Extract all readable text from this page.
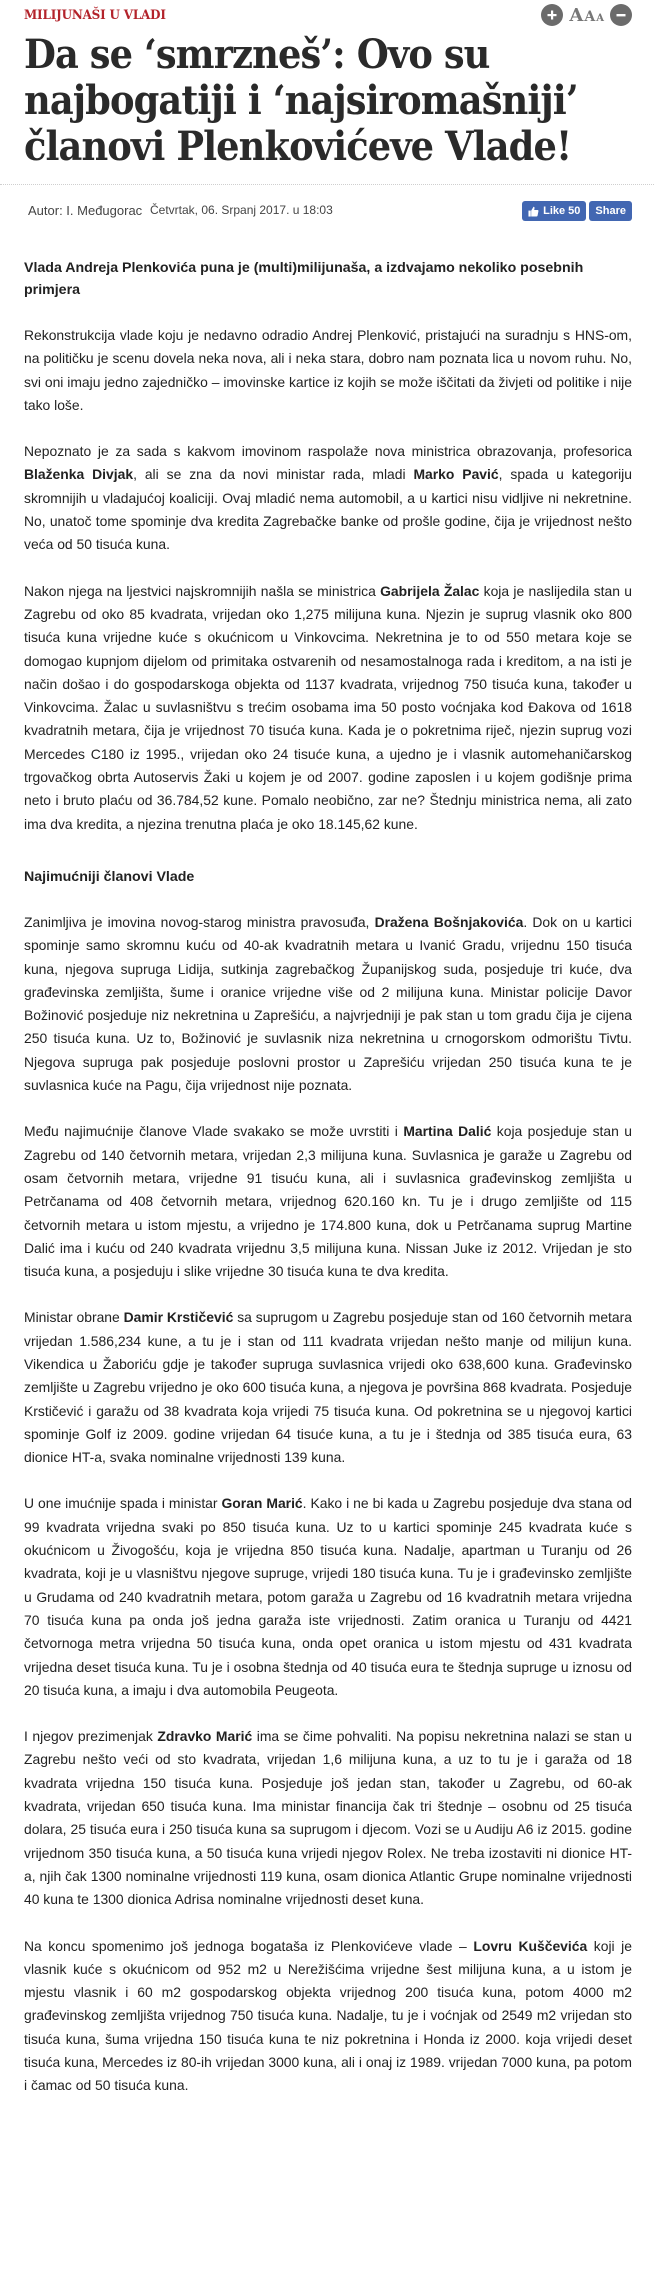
MILIJUNAŠI U VLADI	A A A
Da se ‘smrzneš’: Ovo su najbogatiji i ‘najsiromašniji’ članovi Plenkovićeve Vlade!
Autor: I. Međugorac Četvrtak, 06. Srpanj 2017. u 18:03	Like 50	Share
Vlada Andreja Plenkovića puna je (multi)milijunaša, a izdvajamo nekoliko posebnih primjera

Rekonstrukcija vlade koju je nedavno odradio Andrej Plenković, pristajući na suradnju s HNS-om, na političku je scenu dovela neka nova, ali i neka stara, dobro nam poznata lica u novom ruhu. No, svi oni imaju jedno zajedničko – imovinske kartice iz kojih se može iščitati da živjeti od politike i nije tako loše.

Nepoznato je za sada s kakvom imovinom raspolaže nova ministrica obrazovanja, profesorica Blaženka Divjak, ali se zna da novi ministar rada, mladi Marko Pavić, spada u kategoriju skromnijih u vladajućoj koaliciji. Ovaj mladić nema automobil, a u kartici nisu vidljive ni nekretnine. No, unatoč tome spominje dva kredita Zagrebačke banke od prošle godine, čija je vrijednost nešto veća od 50 tisuća kuna.

Nakon njega na ljestvici najskromnijih našla se ministrica Gabrijela Žalac koja je naslijedila stan u Zagrebu od oko 85 kvadrata, vrijedan oko 1,275 milijuna kuna. Njezin je suprug vlasnik oko 800 tisuća kuna vrijedne kuće s okućnicom u Vinkovcima. Nekretnina je to od 550 metara koje se domogao kupnjom dijelom od primitaka ostvarenih od nesamostalnoga rada i kreditom, a na isti je način došao i do gospodarskoga objekta od 1137 kvadrata, vrijednog 750 tisuća kuna, također u Vinkovcima. Žalac u suvlasništvu s trećim osobama ima 50 posto voćnjaka kod Đakova od 1618 kvadratnih metara, čija je vrijednost 70 tisuća kuna. Kada je o pokretnima riječ, njezin suprug vozi Mercedes C180 iz 1995., vrijedan oko 24 tisuće kuna, a ujedno je i vlasnik automehaničarskog trgovačkog obrta Autoservis Žaki u kojem je od 2007. godine zaposlen i u kojem godišnje prima neto i bruto plaću od 36.784,52 kune. Pomalo neobično, zar ne? Štednju ministrica nema, ali zato ima dva kredita, a njezina trenutna plaća je oko 18.145,62 kune.

Najimućniji članovi Vlade

Zanimljiva je imovina novog-starog ministra pravosuđa, Dražena Bošnjakovića. Dok on u kartici spominje samo skromnu kuću od 40-ak kvadratnih metara u Ivanić Gradu, vrijednu 150 tisuća kuna, njegova supruga Lidija, sutkinja zagrebačkog Županijskog suda, posjeduje tri kuće, dva građevinska zemljišta, šume i oranice vrijedne više od 2 milijuna kuna. Ministar policije Davor Božinović posjeduje niz nekretnina u Zaprešiću, a najvrjedniji je pak stan u tom gradu čija je cijena 250 tisuća kuna. Uz to, Božinović je suvlasnik niza nekretnina u crnogorskom odmorištu Tivtu. Njegova supruga pak posjeduje poslovni prostor u Zaprešiću vrijedan 250 tisuća kuna te je suvlasnica kuće na Pagu, čija vrijednost nije poznata.

Među najimućnije članove Vlade svakako se može uvrstiti i Martina Dalić koja posjeduje stan u Zagrebu od 140 četvornih metara, vrijedan 2,3 milijuna kuna. Suvlasnica je garaže u Zagrebu od osam četvornih metara, vrijedne 91 tisuću kuna, ali i suvlasnica građevinskog zemljišta u Petrčanama od 408 četvornih metara, vrijednog 620.160 kn. Tu je i drugo zemljište od 115 četvornih metara u istom mjestu, a vrijedno je 174.800 kuna, dok u Petrčanama suprug Martine Dalić ima i kuću od 240 kvadrata vrijednu 3,5 milijuna kuna. Nissan Juke iz 2012. Vrijedan je sto tisuća kuna, a posjeduju i slike vrijedne 30 tisuća kuna te dva kredita.

Ministar obrane Damir Krstičević sa suprugom u Zagrebu posjeduje stan od 160 četvornih metara vrijedan 1.586,234 kune, a tu je i stan od 111 kvadrata vrijedan nešto manje od milijun kuna. Vikendica u Žaboriću gdje je također supruga suvlasnica vrijedi oko 638,600 kuna. Građevinsko zemljište u Zagrebu vrijedno je oko 600 tisuća kuna, a njegova je površina 868 kvadrata. Posjeduje Krstičević i garažu od 38 kvadrata koja vrijedi 75 tisuća kuna. Od pokretnina se u njegovoj kartici spominje Golf iz 2009. godine vrijedan 64 tisuće kuna, a tu je i štednja od 385 tisuća eura, 63 dionice HT-a, svaka nominalne vrijednosti 139 kuna.

U one imućnije spada i ministar Goran Marić. Kako i ne bi kada u Zagrebu posjeduje dva stana od 99 kvadrata vrijedna svaki po 850 tisuća kuna. Uz to u kartici spominje 245 kvadrata kuće s okućnicom u Živogošću, koja je vrijedna 850 tisuća kuna. Nadalje, apartman u Turanju od 26 kvadrata, koji je u vlasništvu njegove supruge, vrijedi 180 tisuća kuna. Tu je i građevinsko zemljište u Grudama od 240 kvadratnih metara, potom garaža u Zagrebu od 16 kvadratnih metara vrijedna 70 tisuća kuna pa onda još jedna garaža iste vrijednosti. Zatim oranica u Turanju od 4421 četvornoga metra vrijedna 50 tisuća kuna, onda opet oranica u istom mjestu od 431 kvadrata vrijedna deset tisuća kuna. Tu je i osobna štednja od 40 tisuća eura te štednja supruge u iznosu od 20 tisuća kuna, a imaju i dva automobila Peugeota.

I njegov prezimenjak Zdravko Marić ima se čime pohvaliti. Na popisu nekretnina nalazi se stan u Zagrebu nešto veći od sto kvadrata, vrijedan 1,6 milijuna kuna, a uz to tu je i garaža od 18 kvadrata vrijedna 150 tisuća kuna. Posjeduje još jedan stan, također u Zagrebu, od 60-ak kvadrata, vrijedan 650 tisuća kuna. Ima ministar financija čak tri štednje – osobnu od 25 tisuća dolara, 25 tisuća eura i 250 tisuća kuna sa suprugom i djecom. Vozi se u Audiju A6 iz 2015. godine vrijednom 350 tisuća kuna, a 50 tisuća kuna vrijedi njegov Rolex. Ne treba izostaviti ni dionice HT-a, njih čak 1300 nominalne vrijednosti 119 kuna, osam dionica Atlantic Grupe nominalne vrijednosti 40 kuna te 1300 dionica Adrisa nominalne vrijednosti deset kuna.

Na koncu spomenimo još jednoga bogataša iz Plenkovićeve vlade – Lovru Kuščevića koji je vlasnik kuće s okućnicom od 952 m2 u Nerežišćima vrijedne šest milijuna kuna, a u istom je mjestu vlasnik i 60 m2 gospodarskog objekta vrijednog 200 tisuća kuna, potom 4000 m2 građevinskog zemljišta vrijednog 750 tisuća kuna. Nadalje, tu je i voćnjak od 2549 m2 vrijedan sto tisuća kuna, šuma vrijedna 150 tisuća kuna te niz pokretnina i Honda iz 2000. koja vrijedi deset tisuća kuna, Mercedes iz 80-ih vrijedan 3000 kuna, ali i onaj iz 1989. vrijedan 7000 kuna, pa potom i čamac od 50 tisuća kuna.
